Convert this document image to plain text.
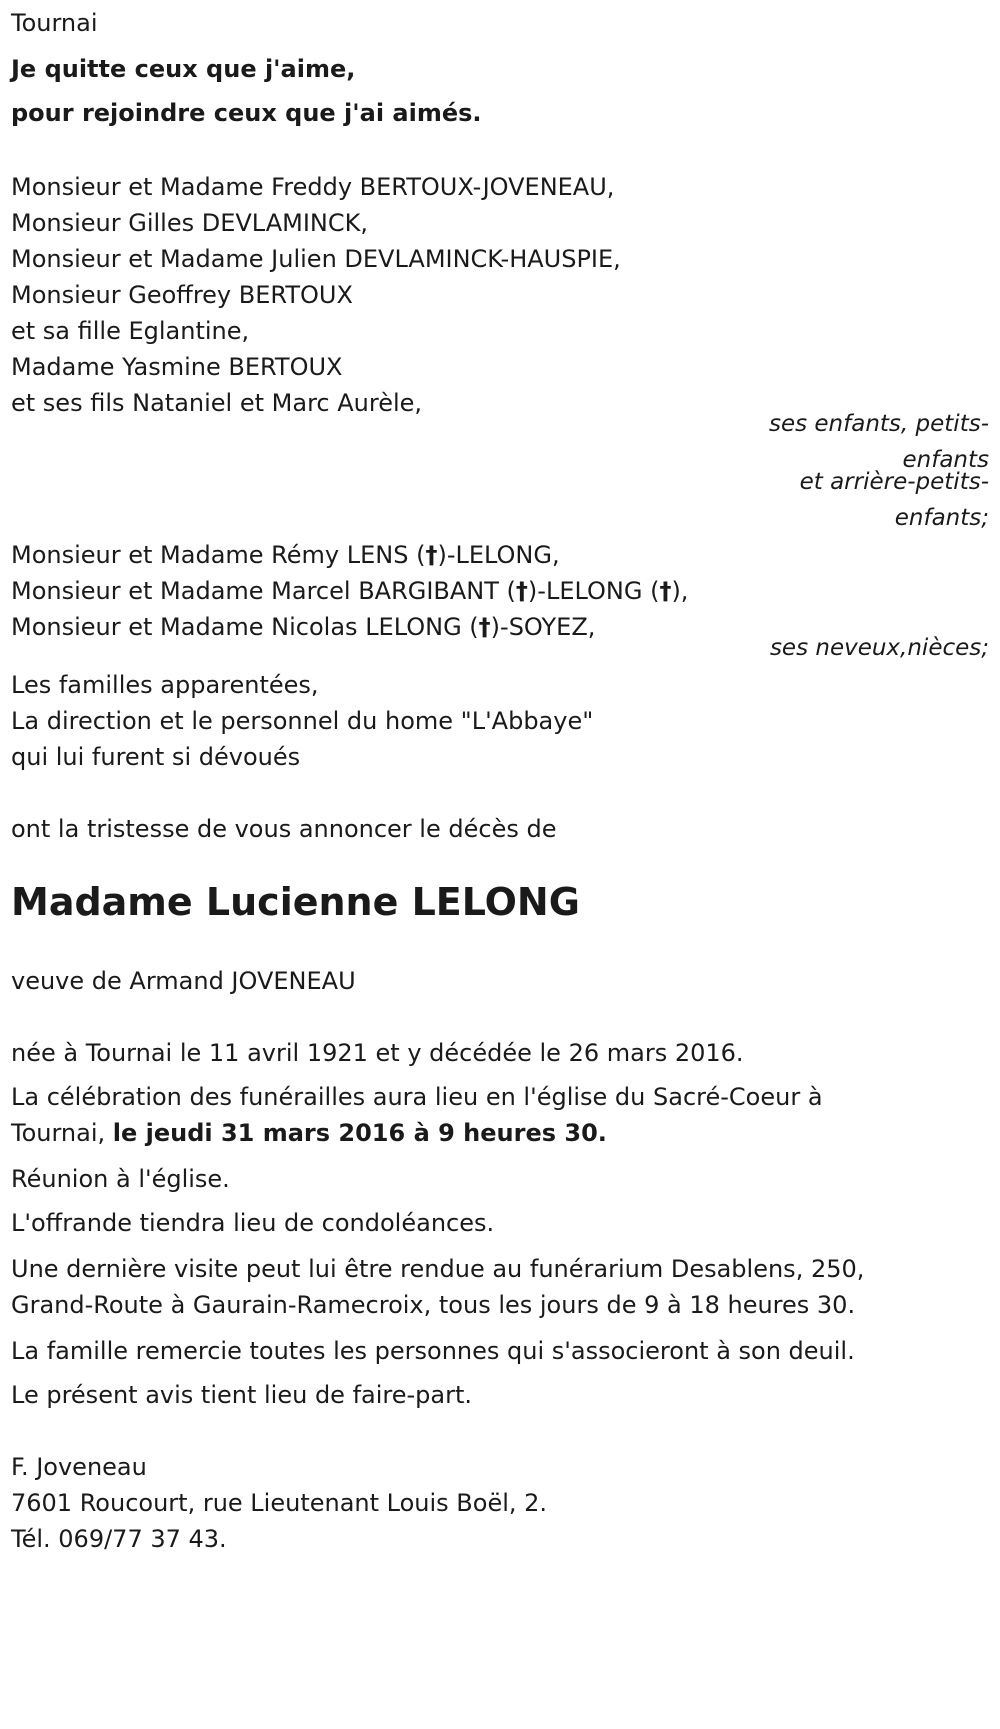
Tournai
Je quitte ceux que j'aime,
pour rejoindre ceux que j'ai aimés.
Monsieur et Madame Freddy BERTOUX-JOVENEAU,
Monsieur Gilles DEVLAMINCK,
Monsieur et Madame Julien DEVLAMINCK-HAUSPIE,
Monsieur Geoffrey BERTOUX
et sa fille Eglantine,
Madame Yasmine BERTOUX
et ses fils Nataniel et Marc Aurèle,
ses enfants, petits-
enfants
et arrière-petits-
enfants;
Monsieur et Madame Rémy LENS (†)-LELONG,
Monsieur et Madame Marcel BARGIBANT (†)-LELONG (†),
Monsieur et Madame Nicolas LELONG (†)-SOYEZ,
ses neveux,nièces;
Les familles apparentées,
La direction et le personnel du home "L'Abbaye"
qui lui furent si dévoués
ont la tristesse de vous annoncer le décès de
Madame Lucienne LELONG
veuve de Armand JOVENEAU
née à Tournai le 11 avril 1921 et y décédée le 26 mars 2016.
La célébration des funérailles aura lieu en l'église du Sacré-Coeur à
Tournai, le jeudi 31 mars 2016 à 9 heures 30.
Réunion à l'église.
L'offrande tiendra lieu de condoléances.
Une dernière visite peut lui être rendue au funérarium Desablens, 250,
Grand-Route à Gaurain-Ramecroix, tous les jours de 9 à 18 heures 30.
La famille remercie toutes les personnes qui s'associeront à son deuil.
Le présent avis tient lieu de faire-part.
F. Joveneau
7601 Roucourt, rue Lieutenant Louis Boël, 2.
Tél. 069/77 37 43.
